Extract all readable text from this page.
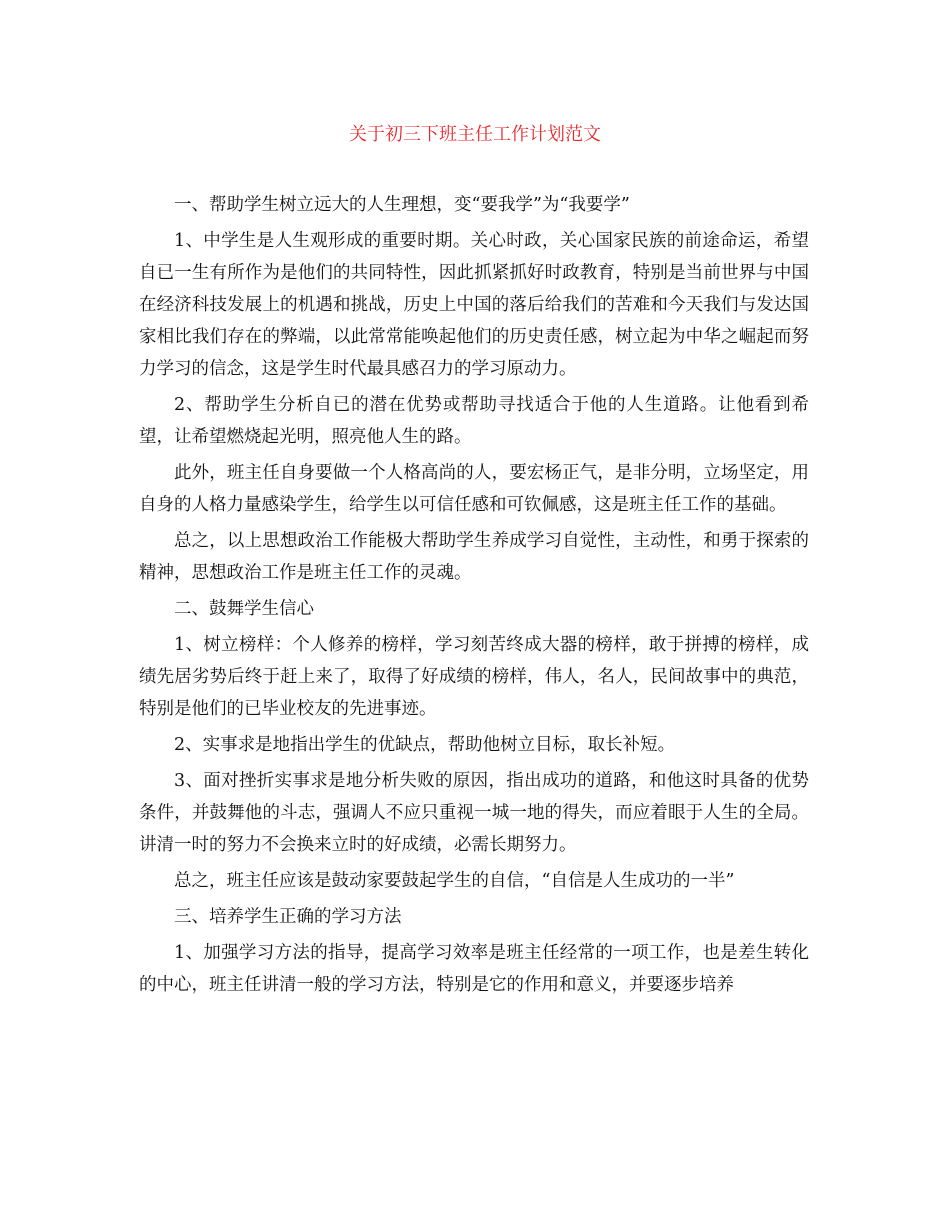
关于初三下班主任工作计划范文

一、帮助学生树立远大的人生理想，变“要我学”为“我要学”

1、中学生是人生观形成的重要时期。关心时政，关心国家民族的前途命运，希望自已一生有所作为是他们的共同特性，因此抓紧抓好时政教育，特别是当前世界与中国在经济科技发展上的机遇和挑战，历史上中国的落后给我们的苦难和今天我们与发达国家相比我们存在的弊端，以此常常能唤起他们的历史责任感，树立起为中华之崛起而努力学习的信念，这是学生时代最具感召力的学习原动力。

2、帮助学生分析自已的潜在优势或帮助寻找适合于他的人生道路。让他看到希望，让希望燃烧起光明，照亮他人生的路。

此外，班主任自身要做一个人格高尚的人，要宏杨正气，是非分明，立场坚定，用自身的人格力量感染学生，给学生以可信任感和可钦佩感，这是班主任工作的基础。

总之，以上思想政治工作能极大帮助学生养成学习自觉性，主动性，和勇于探索的精神，思想政治工作是班主任工作的灵魂。

二、鼓舞学生信心

1、树立榜样：个人修养的榜样，学习刻苦终成大器的榜样，敢于拼搏的榜样，成绩先居劣势后终于赶上来了，取得了好成绩的榜样，伟人，名人，民间故事中的典范，特别是他们的已毕业校友的先进事迹。

2、实事求是地指出学生的优缺点，帮助他树立目标，取长补短。

3、面对挫折实事求是地分析失败的原因，指出成功的道路，和他这时具备的优势条件，并鼓舞他的斗志，强调人不应只重视一城一地的得失，而应着眼于人生的全局。讲清一时的努力不会换来立时的好成绩，必需长期努力。

总之，班主任应该是鼓动家要鼓起学生的自信，“自信是人生成功的一半”

三、培养学生正确的学习方法

1、加强学习方法的指导，提高学习效率是班主任经常的一项工作，也是差生转化的中心，班主任讲清一般的学习方法，特别是它的作用和意义，并要逐步培养
